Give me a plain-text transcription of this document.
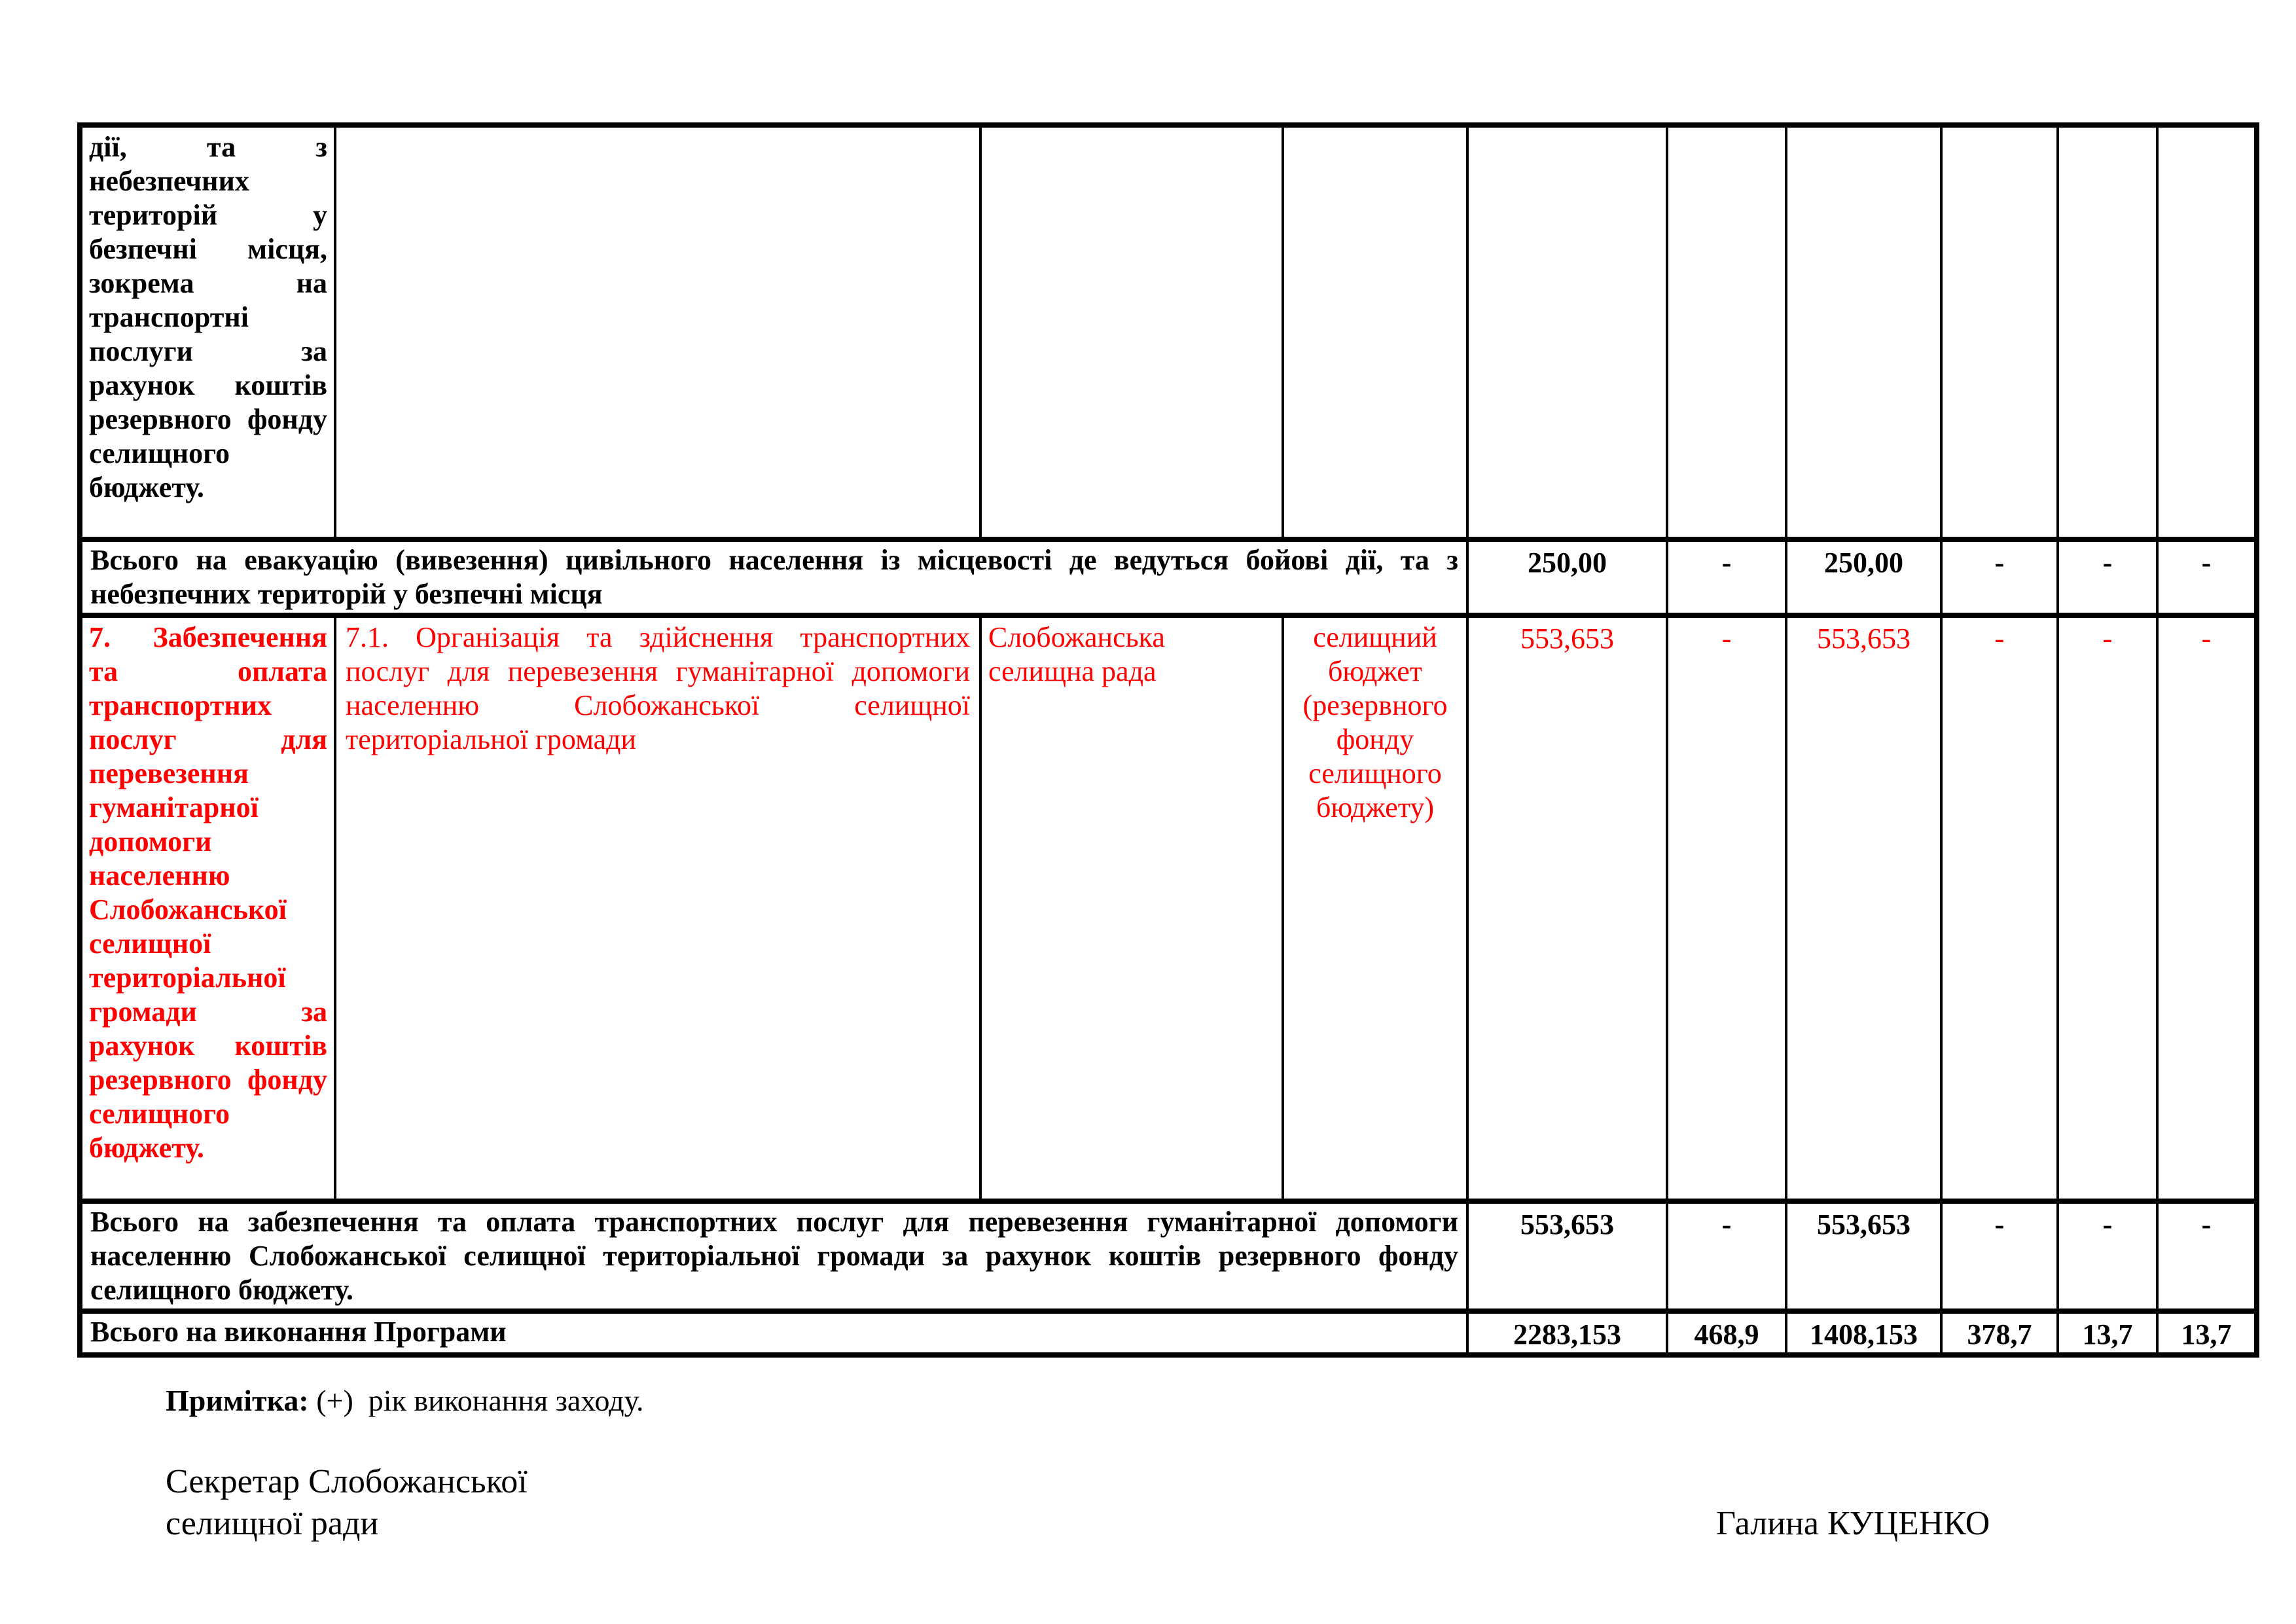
дії, та з небезпечних територій у безпечні місця, зокрема на транспортні послуги за рахунок коштів резервного фонду селищного бюджету.									
Всього на евакуацію (вивезення) цивільного населення із місцевості де ведуться бойові дії, та з небезпечних територій у безпечні місця				250,00	-	250,00	-	-	-
7. Забезпечення та оплата транспортних послуг для перевезення гуманітарної допомоги населенню Слобожанської селищної територіальної громади за рахунок коштів резервного фонду селищного бюджету.	7.1. Організація та здійснення транспортних послуг для перевезення гуманітарної допомоги населенню Слобожанської селищної територіальної громади	Слобожанська селищна рада	селищний бюджет (резервного фонду селищного бюджету)	553,653	-	553,653	-	-	-
Всього на забезпечення та оплата транспортних послуг для перевезення гуманітарної допомоги населенню Слобожанської селищної територіальної громади за рахунок коштів резервного фонду селищного бюджету.				553,653	-	553,653	-	-	-
Всього на виконання Програми				2283,153	468,9	1408,153	378,7	13,7	13,7
Примітка: (+)  рік виконання заходу.
Секретар Слобожанської
селищної ради	Галина КУЦЕНКО
